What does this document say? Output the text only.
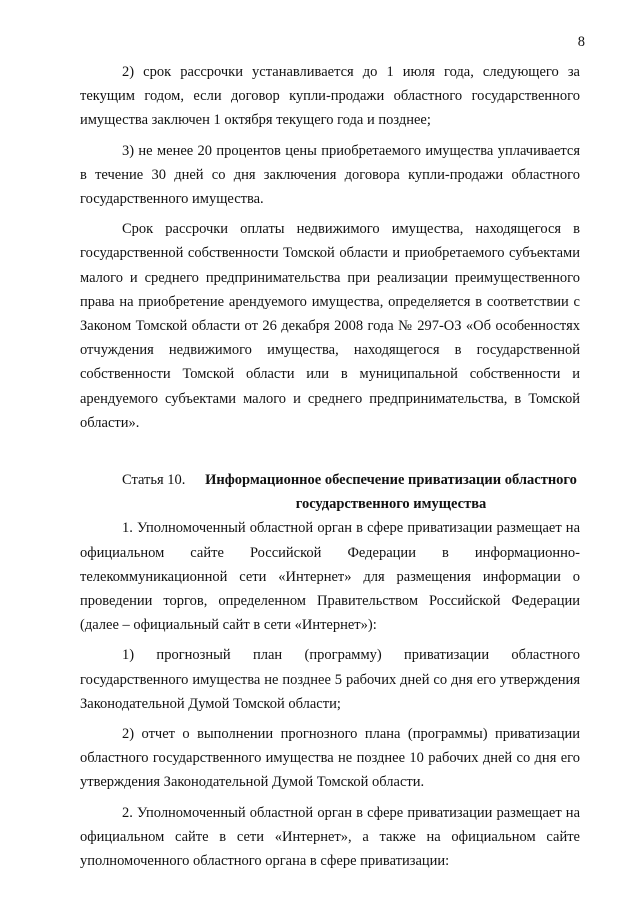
8

2) срок рассрочки устанавливается до 1 июля года, следующего за текущим годом, если договор купли-продажи областного государственного имущества заключен 1 октября текущего года и позднее;

3) не менее 20 процентов цены приобретаемого имущества уплачивается в течение 30 дней со дня заключения договора купли-продажи областного государственного имущества.

Срок рассрочки оплаты недвижимого имущества, находящегося в государственной собственности Томской области и приобретаемого субъектами малого и среднего предпринимательства при реализации преимущественного права на приобретение арендуемого имущества, определяется в соответствии с Законом Томской области от 26 декабря 2008 года № 297-ОЗ «Об особенностях отчуждения недвижимого имущества, находящегося в государственной собственности Томской области или в муниципальной собственности и арендуемого субъектами малого и среднего предпринимательства, в Томской области».

Статья 10.	Информационное обеспечение приватизации областного государственного имущества

1. Уполномоченный областной орган в сфере приватизации размещает на официальном сайте Российской Федерации в информационно-телекоммуникационной сети «Интернет» для размещения информации о проведении торгов, определенном Правительством Российской Федерации (далее – официальный сайт в сети «Интернет»):

1) прогнозный план (программу) приватизации областного государственного имущества не позднее 5 рабочих дней со дня его утверждения Законодательной Думой Томской области;

2) отчет о выполнении прогнозного плана (программы) приватизации областного государственного имущества не позднее 10 рабочих дней со дня его утверждения Законодательной Думой Томской области.

2. Уполномоченный областной орган в сфере приватизации размещает на официальном сайте в сети «Интернет», а также на официальном сайте уполномоченного областного органа в сфере приватизации:
